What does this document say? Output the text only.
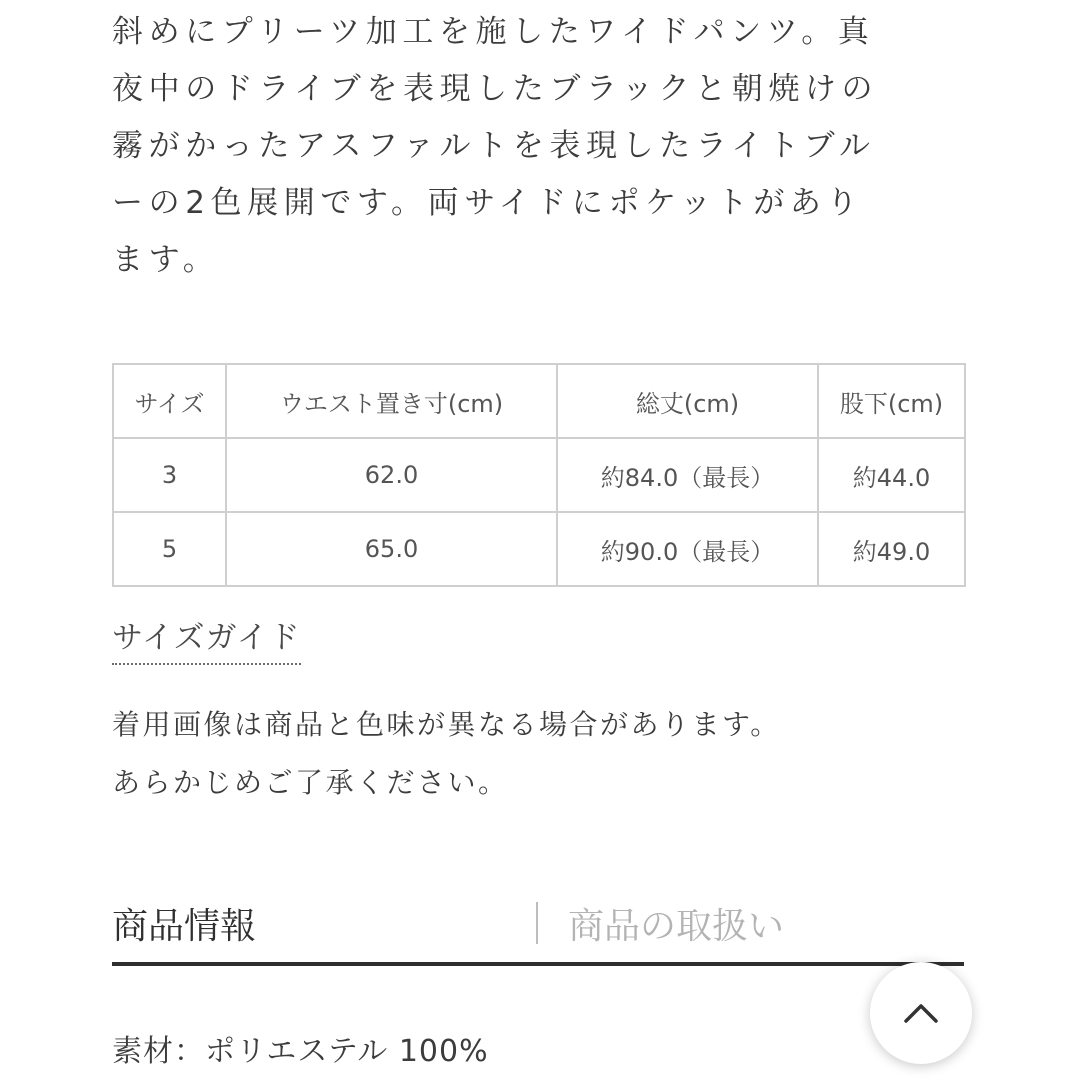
斜めにプリーツ加工を施したワイドパンツ。真
夜中のドライブを表現したブラックと朝焼けの
霧がかったアスファルトを表現したライトブル
ーの2色展開です。両サイドにポケットがあり
ます。
サイズ	ウエスト置き寸(cm)	総丈(cm)	股下(cm)
3	62.0	約84.0（最長）	約44.0
5	65.0	約90.0（最長）	約49.0
サイズガイド
着用画像は商品と色味が異なる場合があります。
あらかじめご了承ください。
商品情報	商品の取扱い
素材：ポリエステル 100%
